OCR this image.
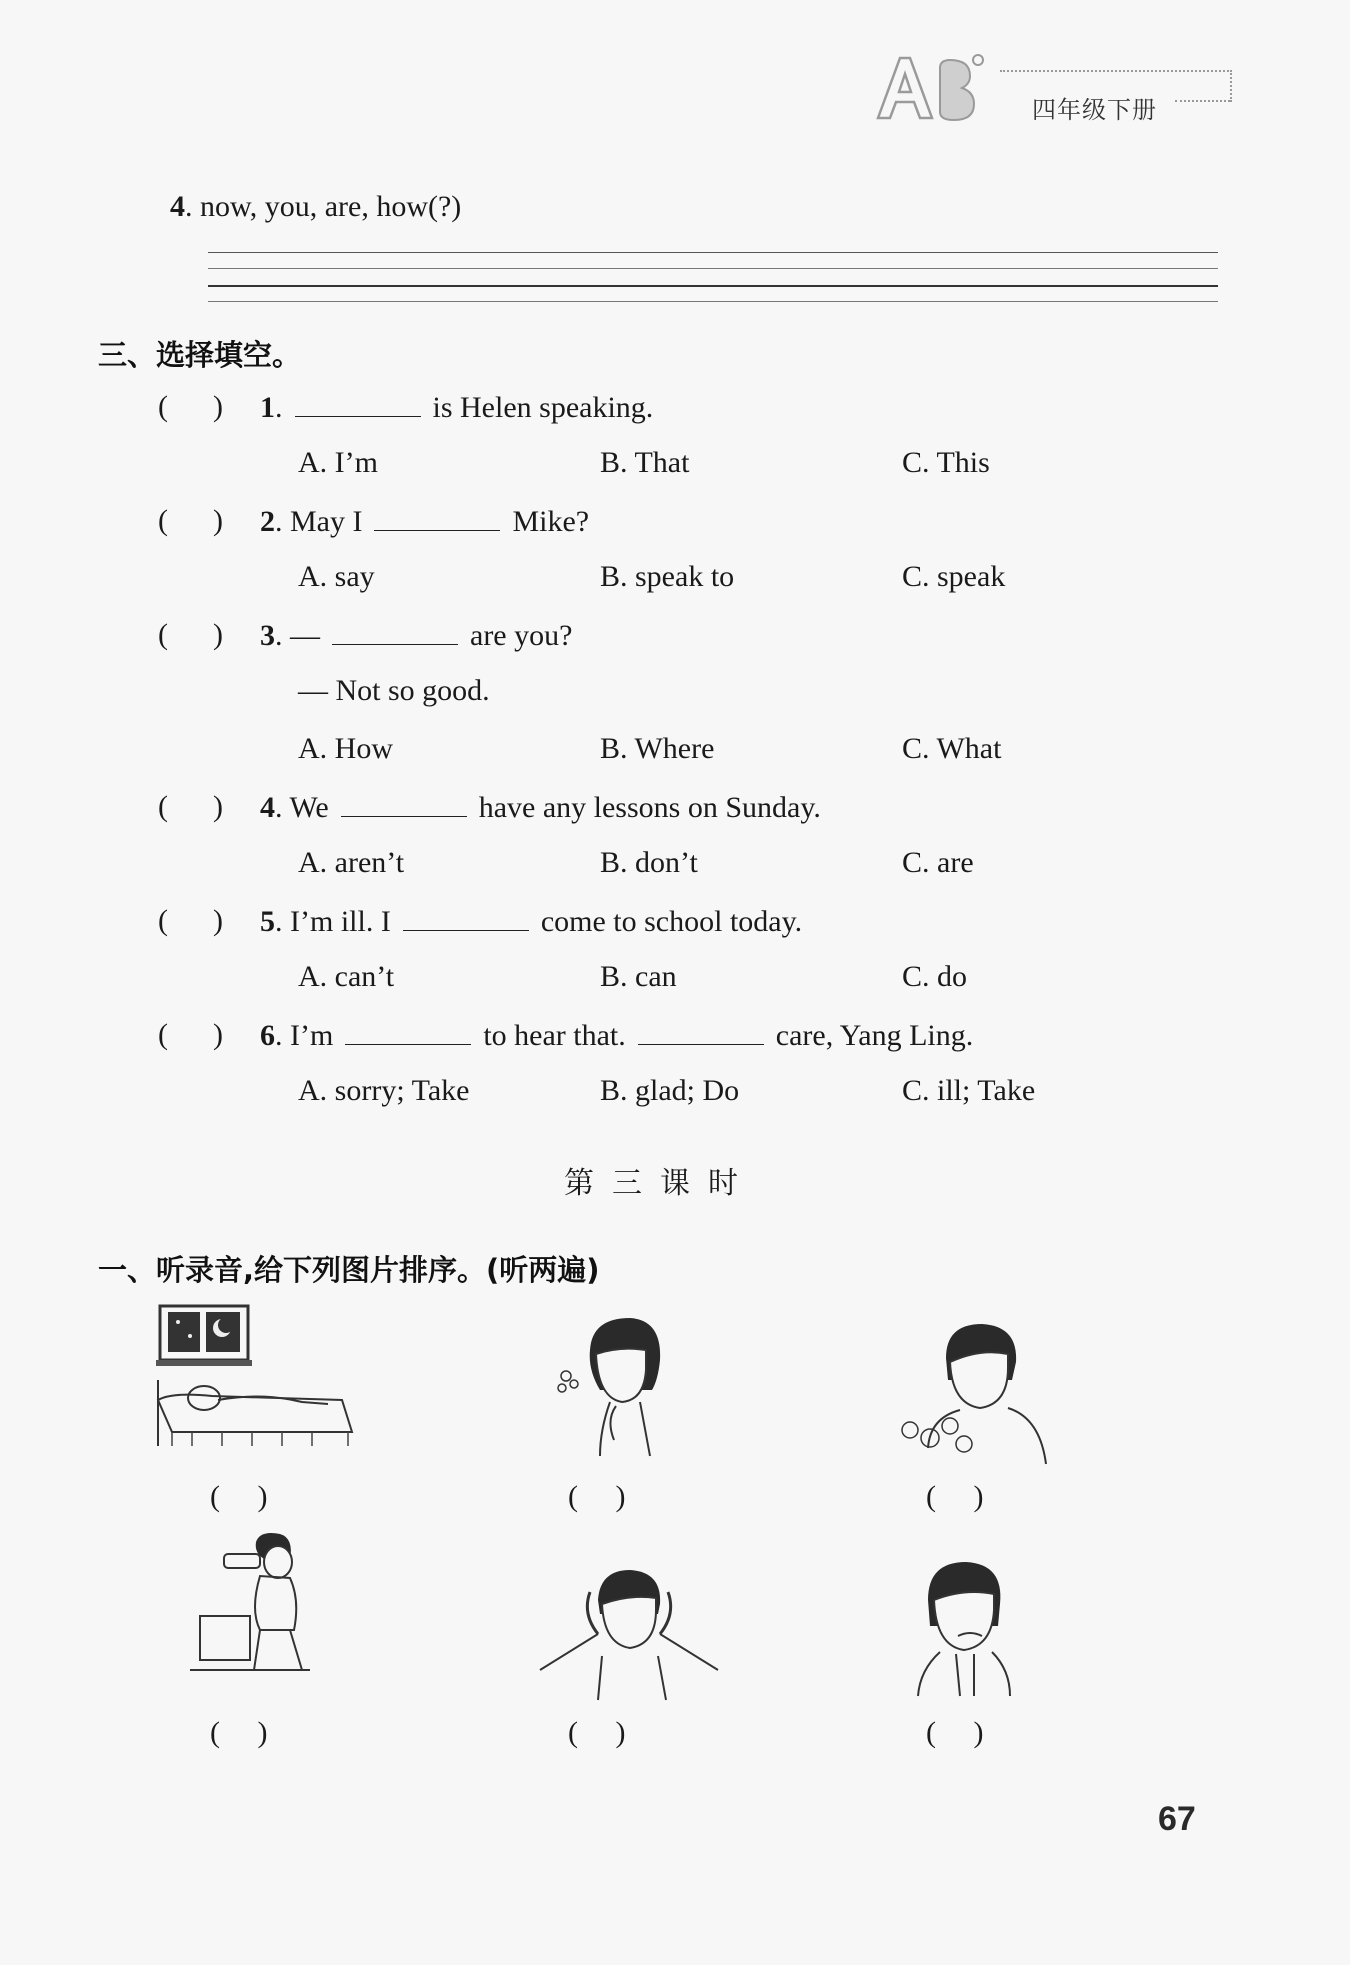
四年级下册
4. now, you, are, how(?)
三、选择填空。
(      ) 1.	is Helen speaking.
A. I’m	B. That	C. This
(      ) 2. May I	Mike?
A. say	B. speak to	C. speak
(      ) 3. —	are you?
— Not so good.
A. How	B. Where	C. What
(      ) 4. We	have any lessons on Sunday.
A. aren’t	B. don’t	C. are
(      ) 5. I’m ill. I	come to school today.
A. can’t	B. can	C. do
(      ) 6. I’m	to hear that.	care, Yang Ling.
A. sorry; Take	B. glad; Do	C. ill; Take
第三课时
一、听录音,给下列图片排序。(听两遍)
(     )	(     )	(     )
(     )	(     )	(     )
67
